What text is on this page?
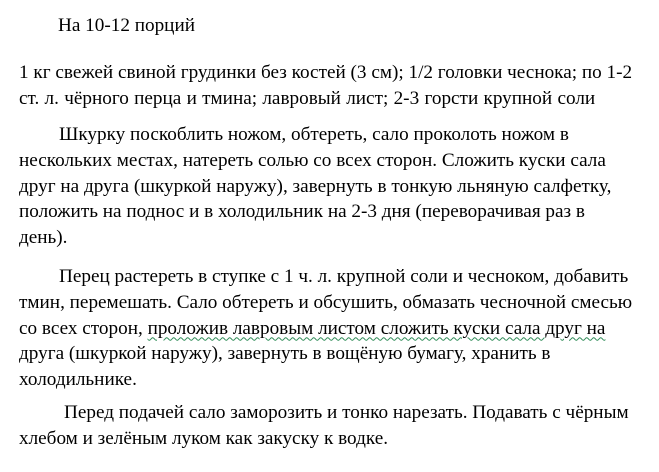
На 10-12 порций

1 кг свежей свиной грудинки без костей (3 см); 1/2 головки чеснока; по 1-2
ст. л. чёрного перца и тмина; лавровый лист; 2-3 горсти крупной соли

Шкурку поскоблить ножом, обтереть, сало проколоть ножом в
нескольких местах, натереть солью со всех сторон. Сложить куски сала
друг на друга (шкуркой наружу), завернуть в тонкую льняную салфетку,
положить на поднос и в холодильник на 2-3 дня (переворачивая раз в
день).

Перец растереть в ступке с 1 ч. л. крупной соли и чесноком, добавить
тмин, перемешать. Сало обтереть и обсушить, обмазать чесночной смесью
со всех сторон, проложив лавровым листом сложить куски сала друг на
друга (шкуркой наружу), завернуть в вощёную бумагу, хранить в
холодильнике.

Перед подачей сало заморозить и тонко нарезать. Подавать с чёрным
хлебом и зелёным луком как закуску к водке.
